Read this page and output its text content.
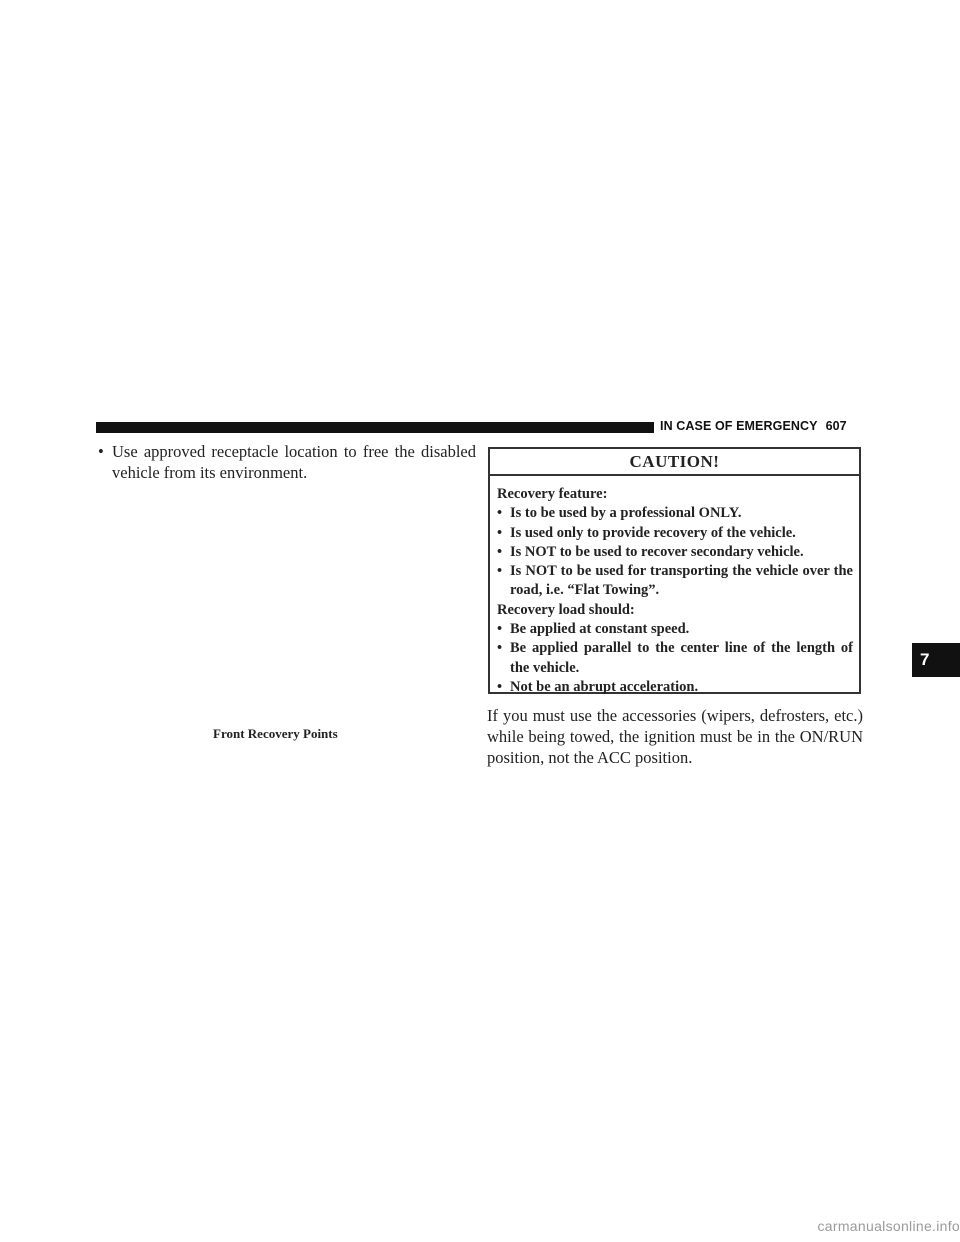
IN CASE OF EMERGENCY 607
• Use approved receptacle location to free the disabled vehicle from its environment.
Front Recovery Points
CAUTION!
Recovery feature:
• Is to be used by a professional ONLY.
• Is used only to provide recovery of the vehicle.
• Is NOT to be used to recover secondary vehicle.
• Is NOT to be used for transporting the vehicle over the road, i.e. “Flat Towing”.
Recovery load should:
• Be applied at constant speed.
• Be applied parallel to the center line of the length of the vehicle.
• Not be an abrupt acceleration.
If you must use the accessories (wipers, defrosters, etc.) while being towed, the ignition must be in the ON/RUN position, not the ACC position.
7
carmanualsonline.info
